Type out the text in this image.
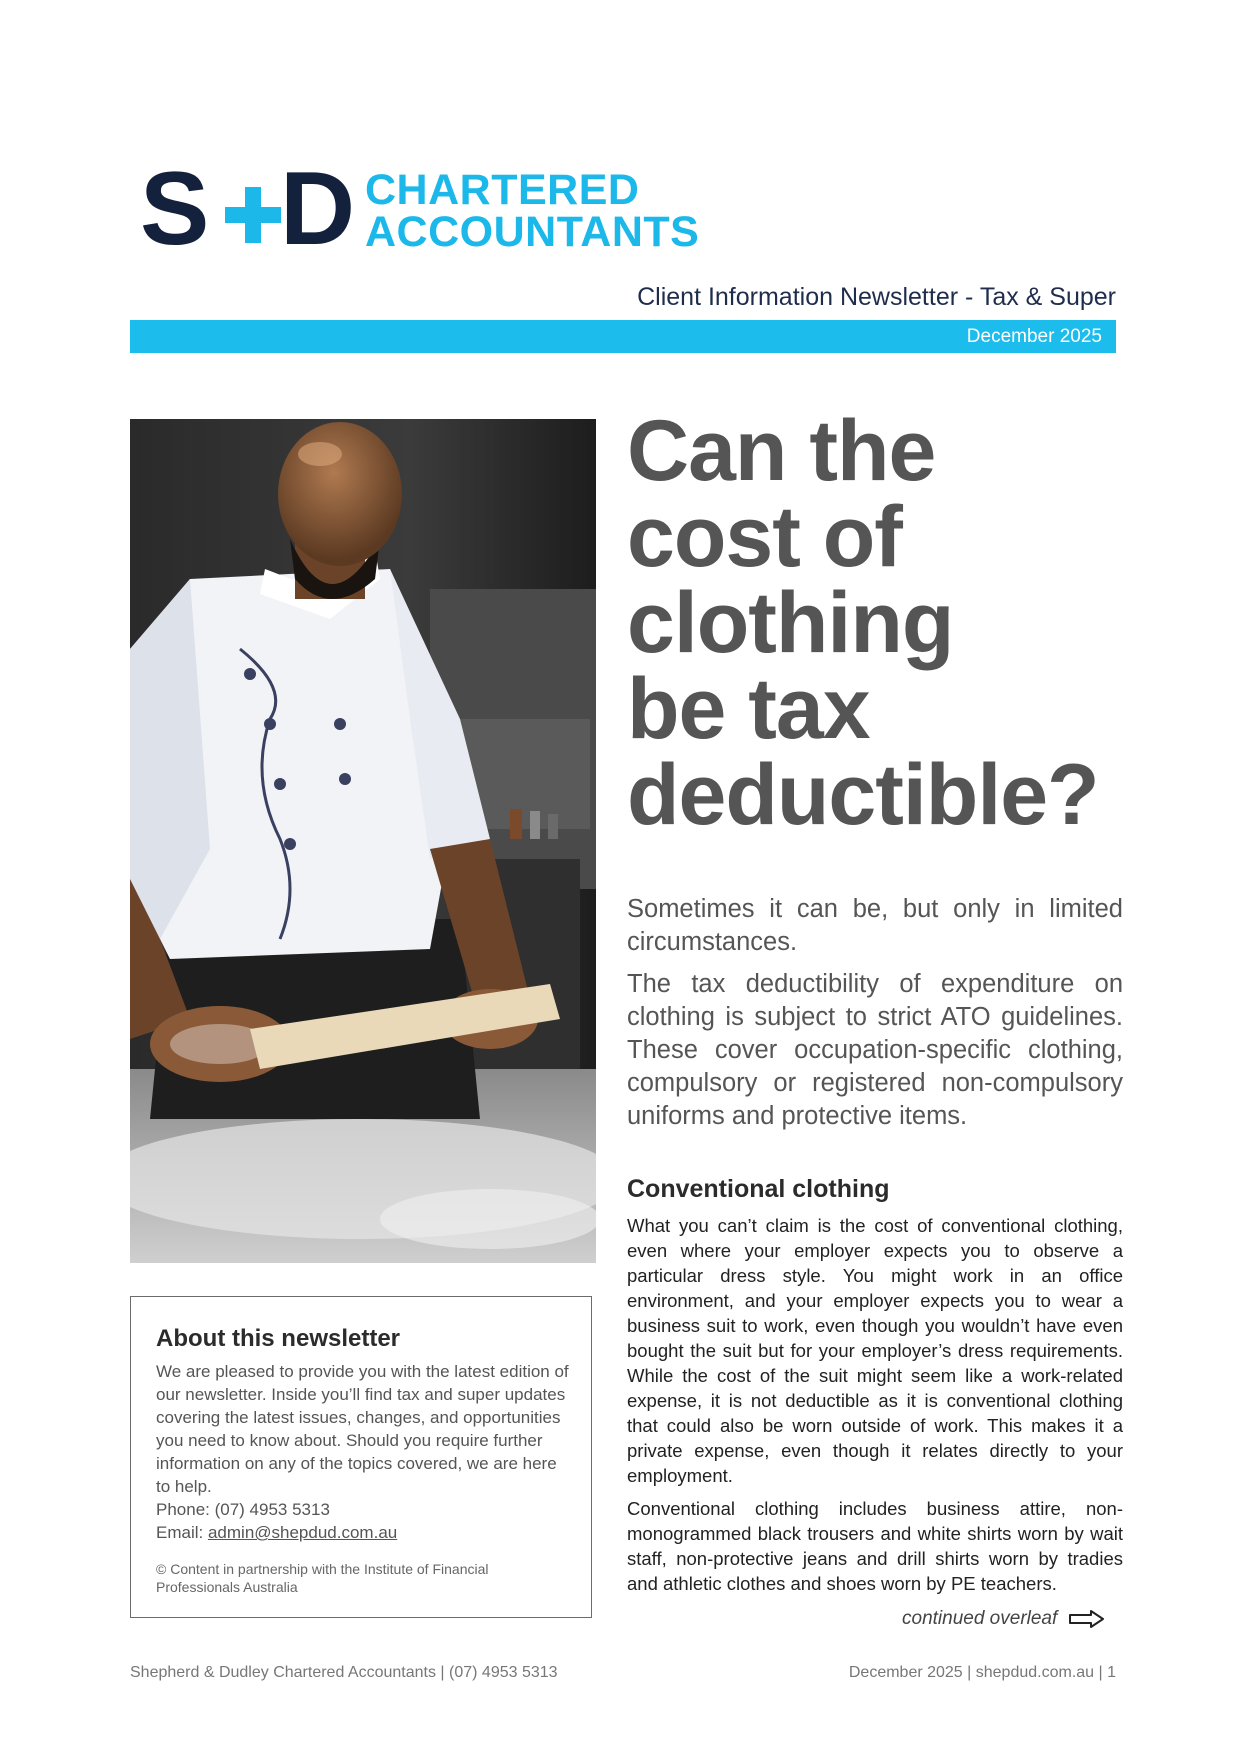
S D CHARTERED
ACCOUNTANTS
Client Information Newsletter - Tax & Super
December 2025
Can the
cost of
clothing
be tax
deductible?
Sometimes it can be, but only in limited circumstances.
The tax deductibility of expenditure on clothing is subject to strict ATO guidelines. These cover occupation-specific clothing, compulsory or registered non-compulsory uniforms and protective items.
Conventional clothing
What you can’t claim is the cost of conventional clothing, even where your employer expects you to observe a particular dress style. You might work in an office environment, and your employer expects you to wear a business suit to work, even though you wouldn’t have even bought the suit but for your employer’s dress requirements. While the cost of the suit might seem like a work-related expense, it is not deductible as it is conventional clothing that could also be worn outside of work. This makes it a private expense, even though it relates directly to your employment.
Conventional clothing includes business attire, non-monogrammed black trousers and white shirts worn by wait staff, non-protective jeans and drill shirts worn by tradies and athletic clothes and shoes worn by PE teachers.
continued overleaf
About this newsletter
We are pleased to provide you with the latest edition of our newsletter. Inside you’ll find tax and super updates covering the latest issues, changes, and opportunities you need to know about. Should you require further information on any of the topics covered, we are here to help.
Phone: (07) 4953 5313
Email: admin@shepdud.com.au
© Content in partnership with the Institute of Financial Professionals Australia
Shepherd & Dudley Chartered Accountants | (07) 4953 5313	December 2025 | shepdud.com.au | 1
